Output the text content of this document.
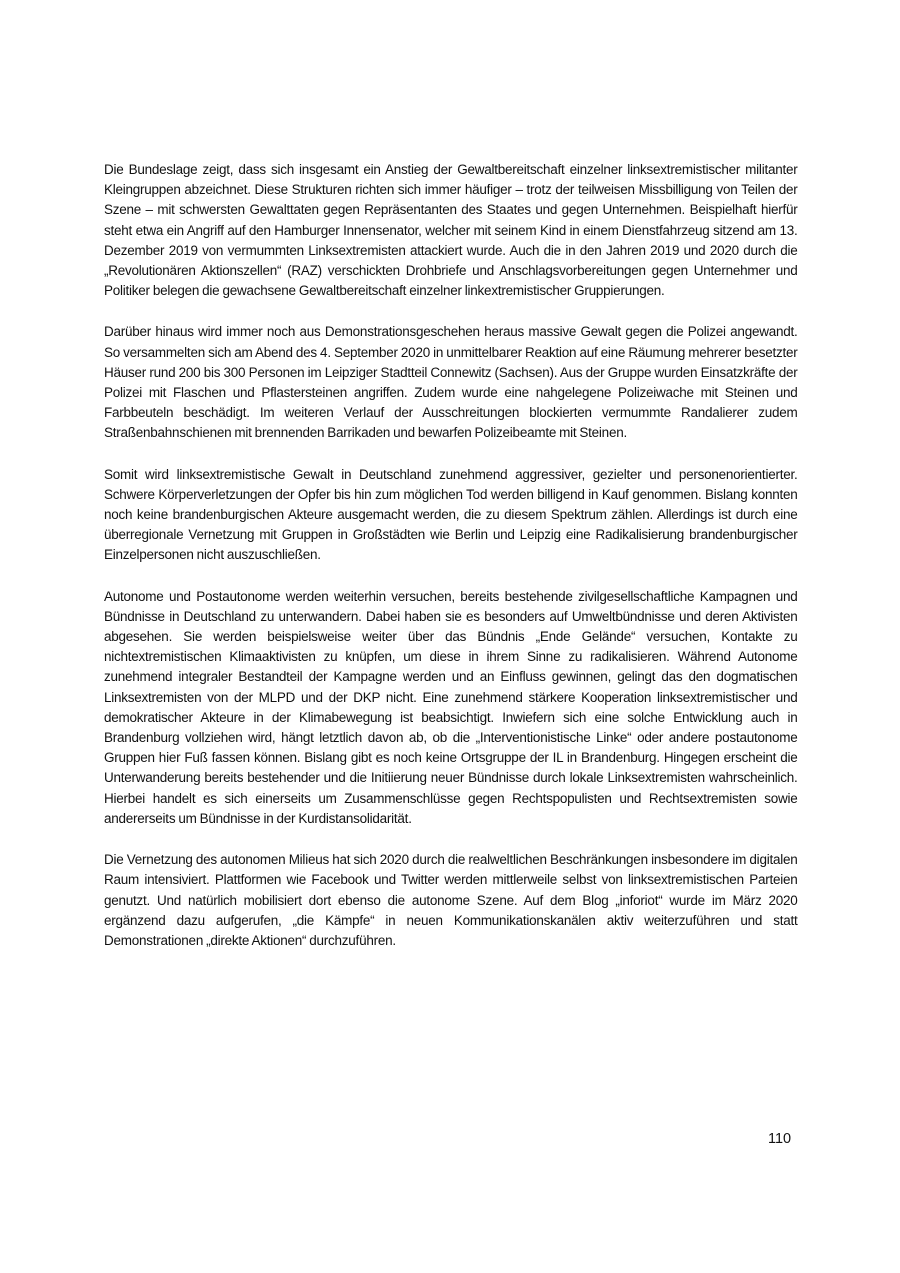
Die Bundeslage zeigt, dass sich insgesamt ein Anstieg der Gewaltbereitschaft einzelner linksextremistischer militanter Kleingruppen abzeichnet. Diese Strukturen richten sich immer häufiger – trotz der teilweisen Missbilligung von Teilen der Szene – mit schwersten Gewalttaten gegen Repräsentanten des Staates und gegen Unternehmen. Beispielhaft hierfür steht etwa ein Angriff auf den Hamburger Innensenator, welcher mit seinem Kind in einem Dienstfahrzeug sitzend am 13. Dezember 2019 von vermummten Linksextremisten attackiert wurde. Auch die in den Jahren 2019 und 2020 durch die „Revolutionären Aktionszellen“ (RAZ) verschickten Drohbriefe und Anschlagsvorbereitungen gegen Unternehmer und Politiker belegen die gewachsene Gewaltbereitschaft einzelner linkextremistischer Gruppierungen.

Darüber hinaus wird immer noch aus Demonstrationsgeschehen heraus massive Gewalt gegen die Polizei angewandt. So versammelten sich am Abend des 4. September 2020 in unmittelbarer Reaktion auf eine Räumung mehrerer besetzter Häuser rund 200 bis 300 Personen im Leipziger Stadtteil Connewitz (Sachsen). Aus der Gruppe wurden Einsatzkräfte der Polizei mit Flaschen und Pflastersteinen angriffen. Zudem wurde eine nahgelegene Polizeiwache mit Steinen und Farbbeuteln beschädigt. Im weiteren Verlauf der Ausschreitungen blockierten vermummte Randalierer zudem Straßenbahnschienen mit brennenden Barrikaden und bewarfen Polizeibeamte mit Steinen.

Somit wird linksextremistische Gewalt in Deutschland zunehmend aggressiver, gezielter und personenorientierter. Schwere Körperverletzungen der Opfer bis hin zum möglichen Tod werden billigend in Kauf genommen. Bislang konnten noch keine brandenburgischen Akteure ausgemacht werden, die zu diesem Spektrum zählen. Allerdings ist durch eine überregionale Vernetzung mit Gruppen in Großstädten wie Berlin und Leipzig eine Radikalisierung brandenburgischer Einzelpersonen nicht auszuschließen.

Autonome und Postautonome werden weiterhin versuchen, bereits bestehende zivilgesellschaftliche Kampagnen und Bündnisse in Deutschland zu unterwandern. Dabei haben sie es besonders auf Umweltbündnisse und deren Aktivisten abgesehen. Sie werden beispielsweise weiter über das Bündnis „Ende Gelände“ versuchen, Kontakte zu nichtextremistischen Klimaaktivisten zu knüpfen, um diese in ihrem Sinne zu radikalisieren. Während Autonome zunehmend integraler Bestandteil der Kampagne werden und an Einfluss gewinnen, gelingt das den dogmatischen Linksextremisten von der MLPD und der DKP nicht. Eine zunehmend stärkere Kooperation linksextremistischer und demokratischer Akteure in der Klimabewegung ist beabsichtigt. Inwiefern sich eine solche Entwicklung auch in Brandenburg vollziehen wird, hängt letztlich davon ab, ob die „Interventionistische Linke“ oder andere postautonome Gruppen hier Fuß fassen können. Bislang gibt es noch keine Ortsgruppe der IL in Brandenburg. Hingegen erscheint die Unterwanderung bereits bestehender und die Initiierung neuer Bündnisse durch lokale Linksextremisten wahrscheinlich. Hierbei handelt es sich einerseits um Zusammenschlüsse gegen Rechtspopulisten und Rechtsextremisten sowie andererseits um Bündnisse in der Kurdistansolidarität.

Die Vernetzung des autonomen Milieus hat sich 2020 durch die realweltlichen Beschränkungen insbesondere im digitalen Raum intensiviert. Plattformen wie Facebook und Twitter werden mittlerweile selbst von linksextremistischen Parteien genutzt. Und natürlich mobilisiert dort ebenso die autonome Szene. Auf dem Blog „inforiot“ wurde im März 2020 ergänzend dazu aufgerufen, „die Kämpfe“ in neuen Kommunikationskanälen aktiv weiterzuführen und statt Demonstrationen „direkte Aktionen“ durchzuführen.

110
